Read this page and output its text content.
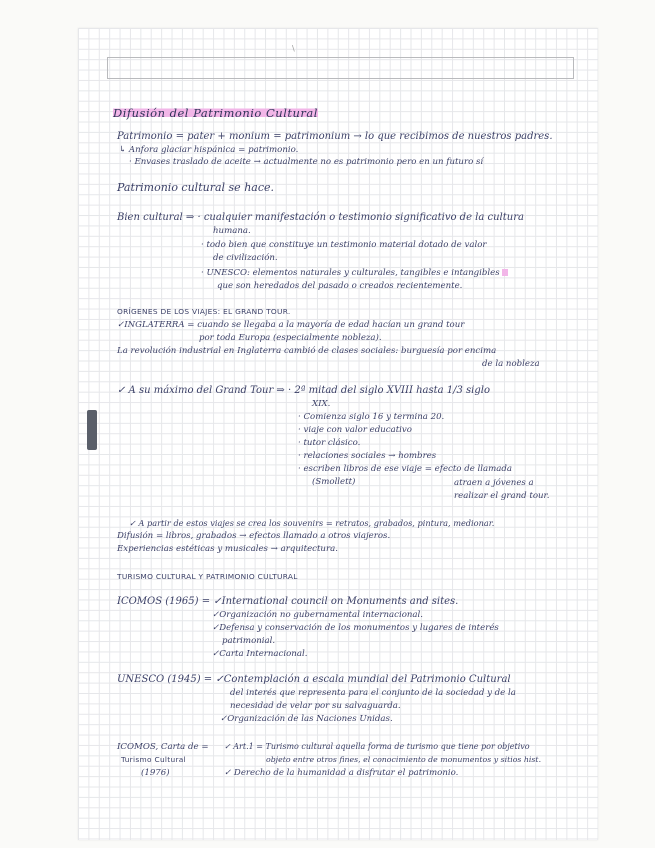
\
Difusión del Patrimonio Cultural
Patrimonio = pater + monium = patrimonium → lo que recibimos de nuestros padres.
↳ Anfora glaciar hispánica = patrimonio.
· Envases traslado de aceite → actualmente no es patrimonio pero en un futuro sí
Patrimonio cultural se hace.
Bien cultural ⇒ · cualquier manifestación o testimonio significativo de la cultura
humana.
· todo bien que constituye un testimonio material dotado de valor
de civilización.
· UNESCO: elementos naturales y culturales, tangibles e intangibles
que son heredados del pasado o creados recientemente.
ORÍGENES DE LOS VIAJES: EL GRAND TOUR.
✓INGLATERRA = cuando se llegaba a la mayoría de edad hacían un grand tour
por toda Europa (especialmente nobleza).
La revolución industrial en Inglaterra cambió de clases sociales: burguesía por encima
de la nobleza
✓ A su máximo del Grand Tour ⇒ · 2ª mitad del siglo XVIII hasta 1/3 siglo
XIX.
· Comienza siglo 16 y termina 20.
· viaje con valor educativo
· tutor clásico.
· relaciones sociales → hombres
· escriben libros de ese viaje = efecto de llamada
(Smollett)	atraen a jóvenes a
realizar el grand tour.
✓ A partir de estos viajes se crea los souvenirs = retratos, grabados, pintura, medionar.
Difusión = libros, grabados → efectos llamado a otros viajeros.
Experiencias estéticas y musicales → arquitectura.
TURISMO CULTURAL Y PATRIMONIO CULTURAL
ICOMOS (1965) = ✓International council on Monuments and sites.
✓Organización no gubernamental internacional.
✓Defensa y conservación de los monumentos y lugares de interés
patrimonial.
✓Carta Internacional.
UNESCO (1945) = ✓Contemplación a escala mundial del Patrimonio Cultural
del interés que representa para el conjunto de la sociedad y de la
necesidad de velar por su salvaguarda.
✓Organización de las Naciones Unidas.
ICOMOS, Carta de =
Turismo Cultural
(1976)
✓ Art.1 = Turismo cultural aquella forma de turismo que tiene por objetivo
objeto entre otros fines, el conocimiento de monumentos y sitios hist.
✓ Derecho de la humanidad a disfrutar el patrimonio.
